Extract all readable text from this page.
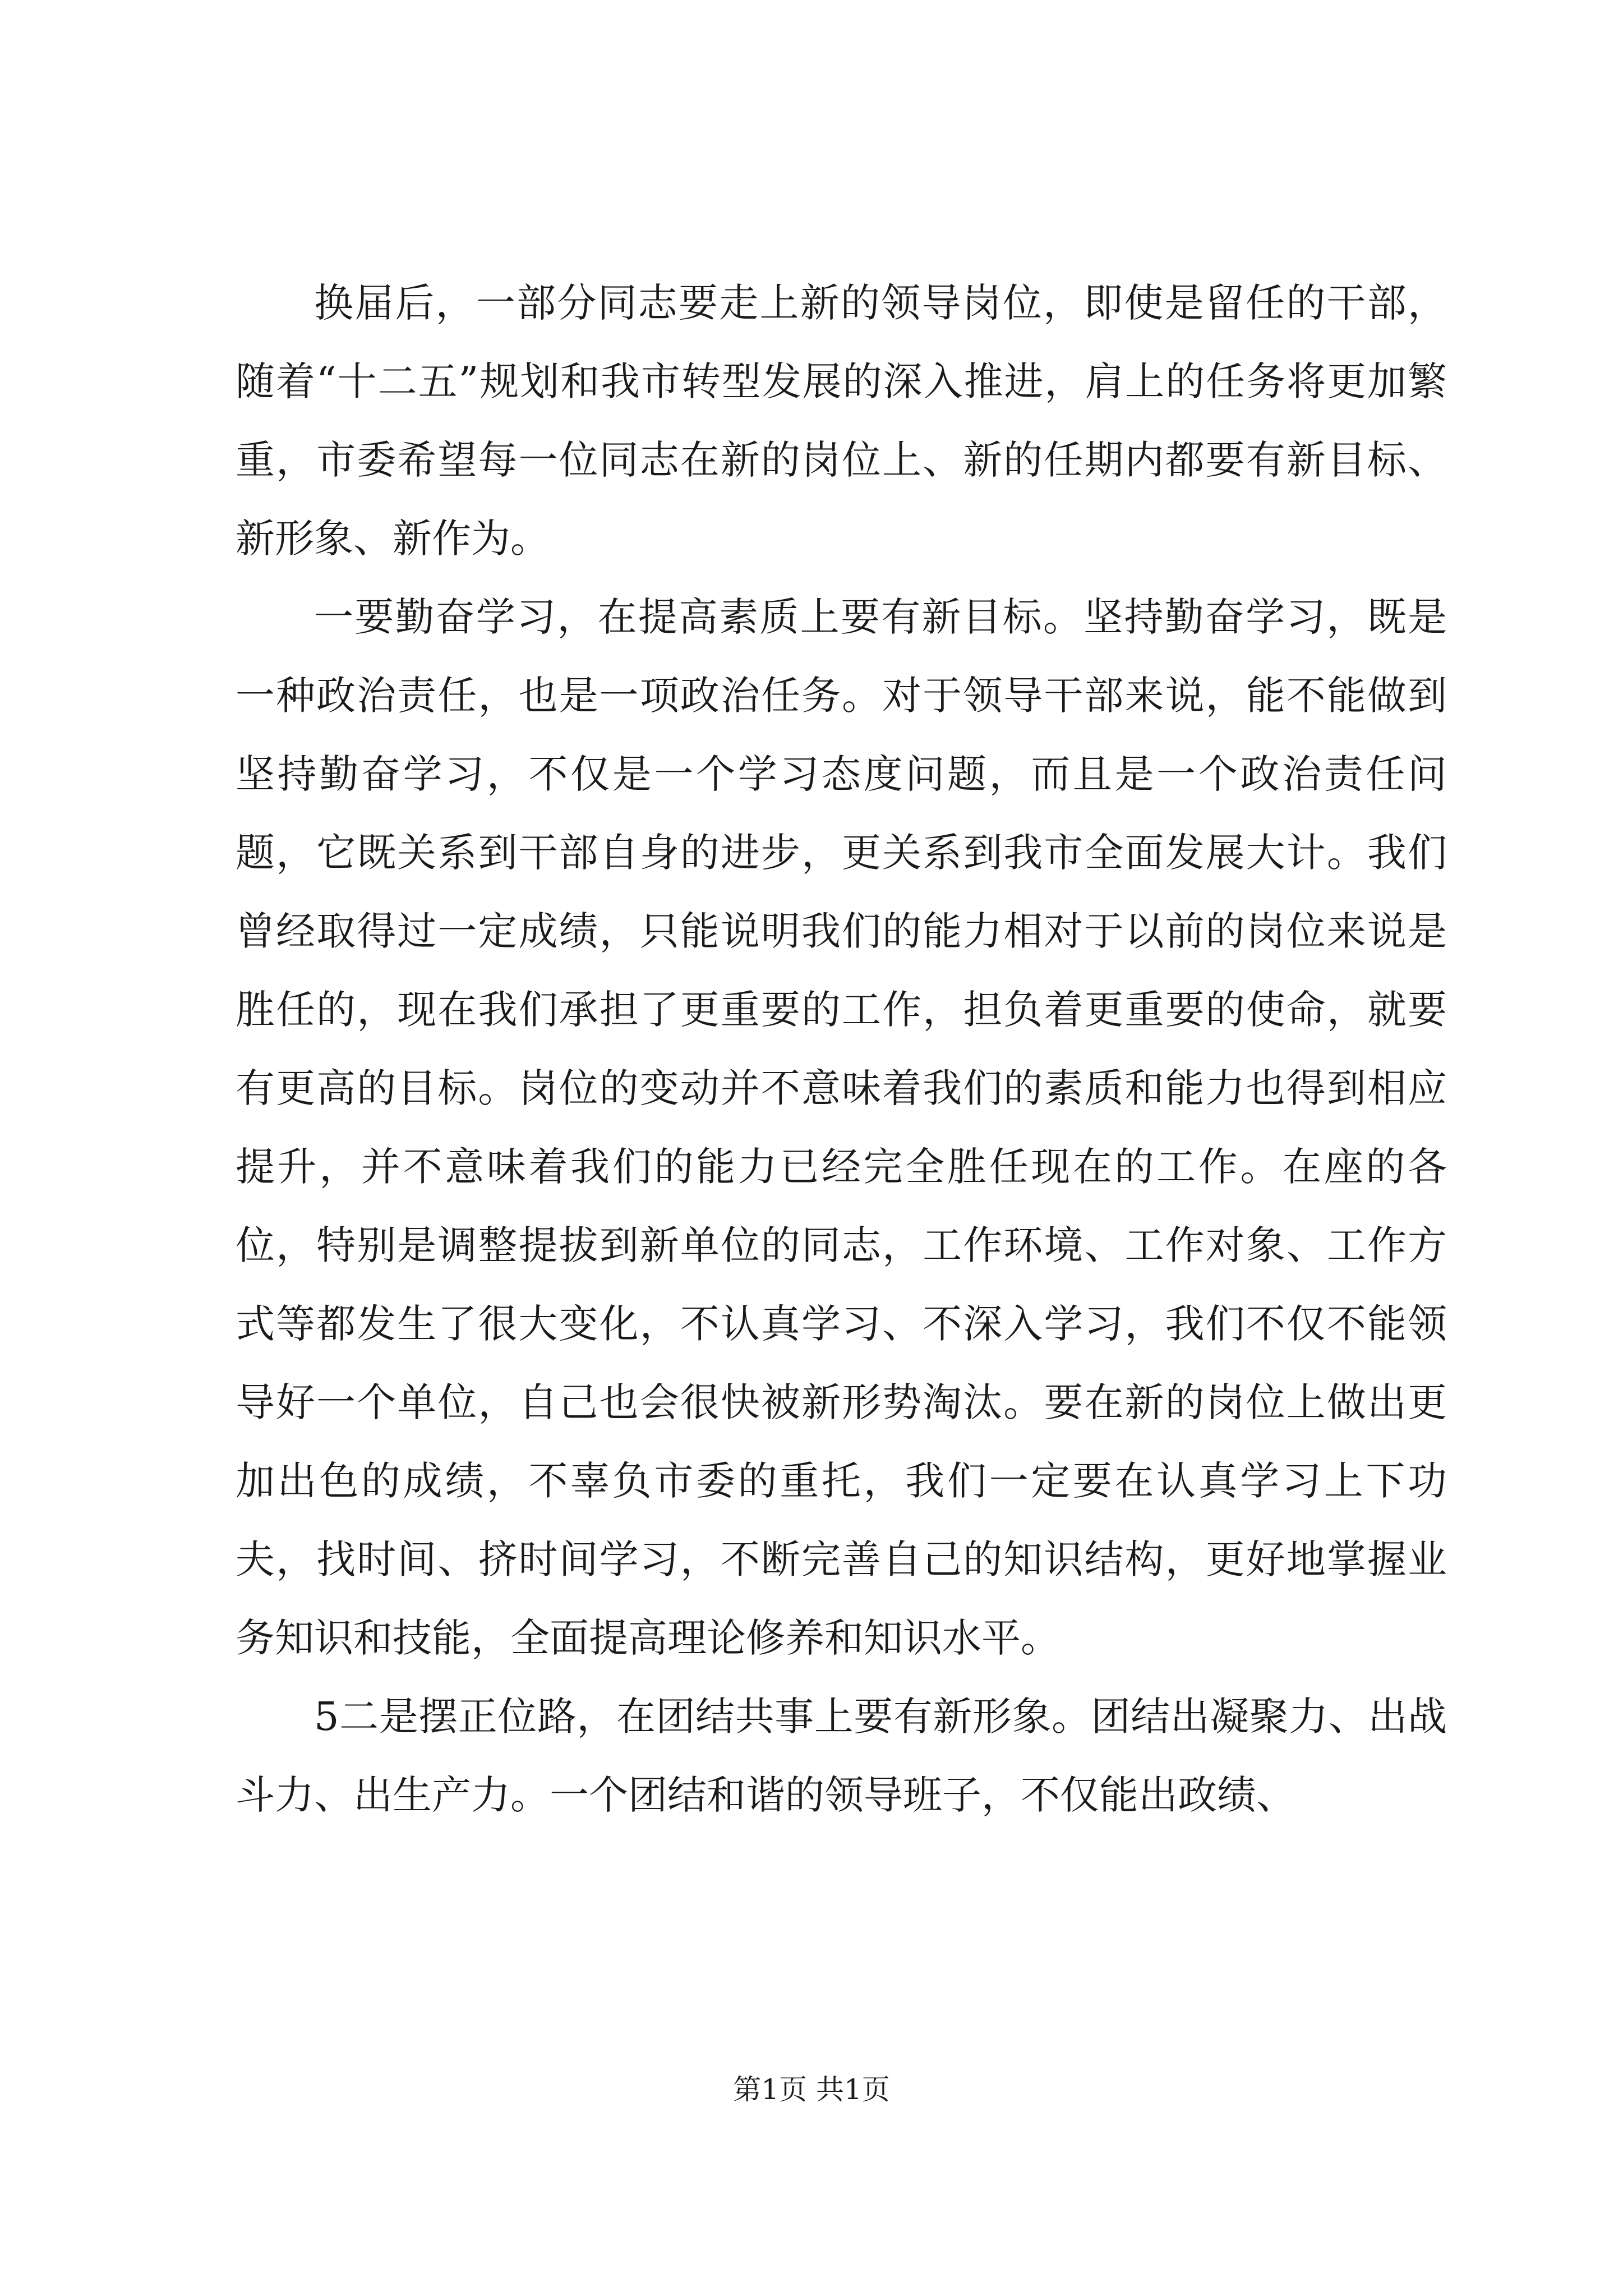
换届后，一部分同志要走上新的领导岗位，即使是留任的干部，随着“十二五”规划和我市转型发展的深入推进，肩上的任务将更加繁重，市委希望每一位同志在新的岗位上、新的任期内都要有新目标、新形象、新作为。

一要勤奋学习，在提高素质上要有新目标。坚持勤奋学习，既是一种政治责任，也是一项政治任务。对于领导干部来说，能不能做到坚持勤奋学习，不仅是一个学习态度问题，而且是一个政治责任问题，它既关系到干部自身的进步，更关系到我市全面发展大计。我们曾经取得过一定成绩，只能说明我们的能力相对于以前的岗位来说是胜任的，现在我们承担了更重要的工作，担负着更重要的使命，就要有更高的目标。岗位的变动并不意味着我们的素质和能力也得到相应提升，并不意味着我们的能力已经完全胜任现在的工作。在座的各位，特别是调整提拔到新单位的同志，工作环境、工作对象、工作方式等都发生了很大变化，不认真学习、不深入学习，我们不仅不能领导好一个单位，自己也会很快被新形势淘汰。要在新的岗位上做出更加出色的成绩，不辜负市委的重托，我们一定要在认真学习上下功夫，找时间、挤时间学习，不断完善自己的知识结构，更好地掌握业务知识和技能，全面提高理论修养和知识水平。

5二是摆正位路，在团结共事上要有新形象。团结出凝聚力、出战斗力、出生产力。一个团结和谐的领导班子，不仅能出政绩、

第1页 共1页
